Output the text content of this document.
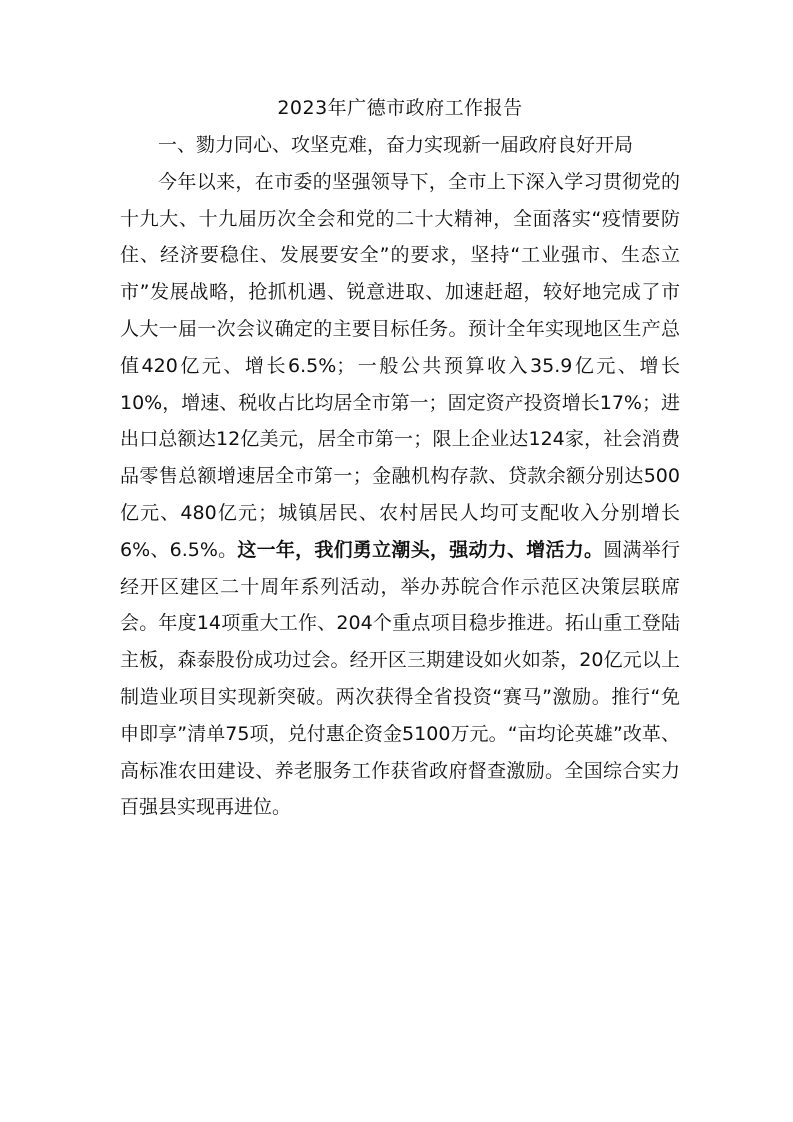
2023年广德市政府工作报告

一、勠力同心、攻坚克难，奋力实现新一届政府良好开局

今年以来，在市委的坚强领导下，全市上下深入学习贯彻党的十九大、十九届历次全会和党的二十大精神，全面落实“疫情要防住、经济要稳住、发展要安全”的要求，坚持“工业强市、生态立市”发展战略，抢抓机遇、锐意进取、加速赶超，较好地完成了市人大一届一次会议确定的主要目标任务。预计全年实现地区生产总值420亿元、增长6.5%；一般公共预算收入35.9亿元、增长10%，增速、税收占比均居全市第一；固定资产投资增长17%；进出口总额达12亿美元，居全市第一；限上企业达124家，社会消费品零售总额增速居全市第一；金融机构存款、贷款余额分别达500亿元、480亿元；城镇居民、农村居民人均可支配收入分别增长6%、6.5%。这一年，我们勇立潮头，强动力、增活力。圆满举行经开区建区二十周年系列活动，举办苏皖合作示范区决策层联席会。年度14项重大工作、204个重点项目稳步推进。拓山重工登陆主板，森泰股份成功过会。经开区三期建设如火如荼，20亿元以上制造业项目实现新突破。两次获得全省投资“赛马”激励。推行“免申即享”清单75项，兑付惠企资金5100万元。“亩均论英雄”改革、高标准农田建设、养老服务工作获省政府督查激励。全国综合实力百强县实现再进位。
